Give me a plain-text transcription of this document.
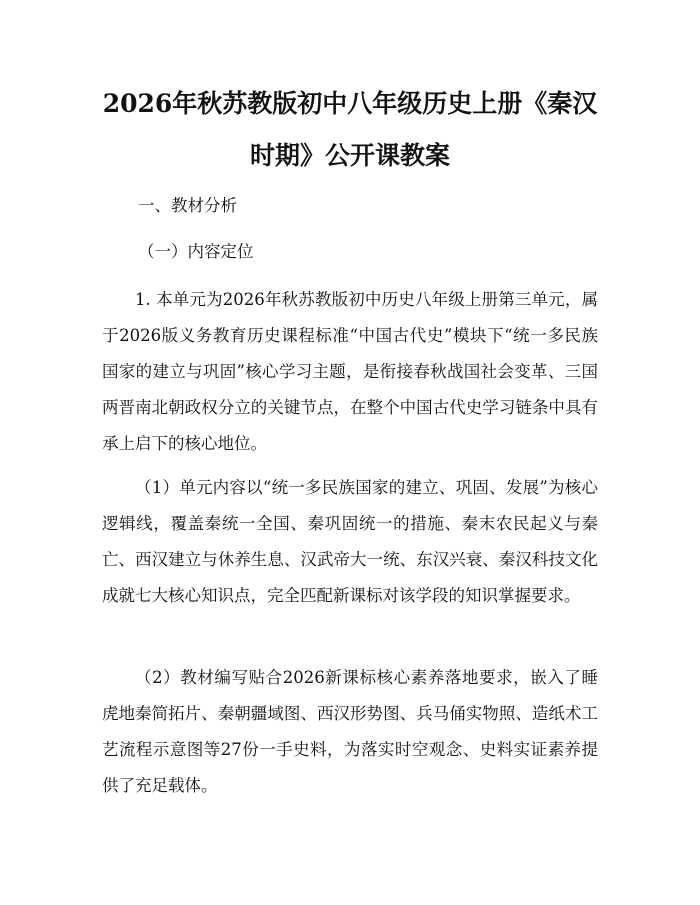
2026年秋苏教版初中八年级历史上册《秦汉
时期》公开课教案

一、教材分析

（一）内容定位

1. 本单元为2026年秋苏教版初中历史八年级上册第三单元，属于2026版义务教育历史课程标准“中国古代史”模块下“统一多民族国家的建立与巩固”核心学习主题，是衔接春秋战国社会变革、三国两晋南北朝政权分立的关键节点，在整个中国古代史学习链条中具有承上启下的核心地位。

（1）单元内容以“统一多民族国家的建立、巩固、发展”为核心逻辑线，覆盖秦统一全国、秦巩固统一的措施、秦末农民起义与秦亡、西汉建立与休养生息、汉武帝大一统、东汉兴衰、秦汉科技文化成就七大核心知识点，完全匹配新课标对该学段的知识掌握要求。

（2）教材编写贴合2026新课标核心素养落地要求，嵌入了睡虎地秦简拓片、秦朝疆域图、西汉形势图、兵马俑实物照、造纸术工艺流程示意图等27份一手史料，为落实时空观念、史料实证素养提供了充足载体。
